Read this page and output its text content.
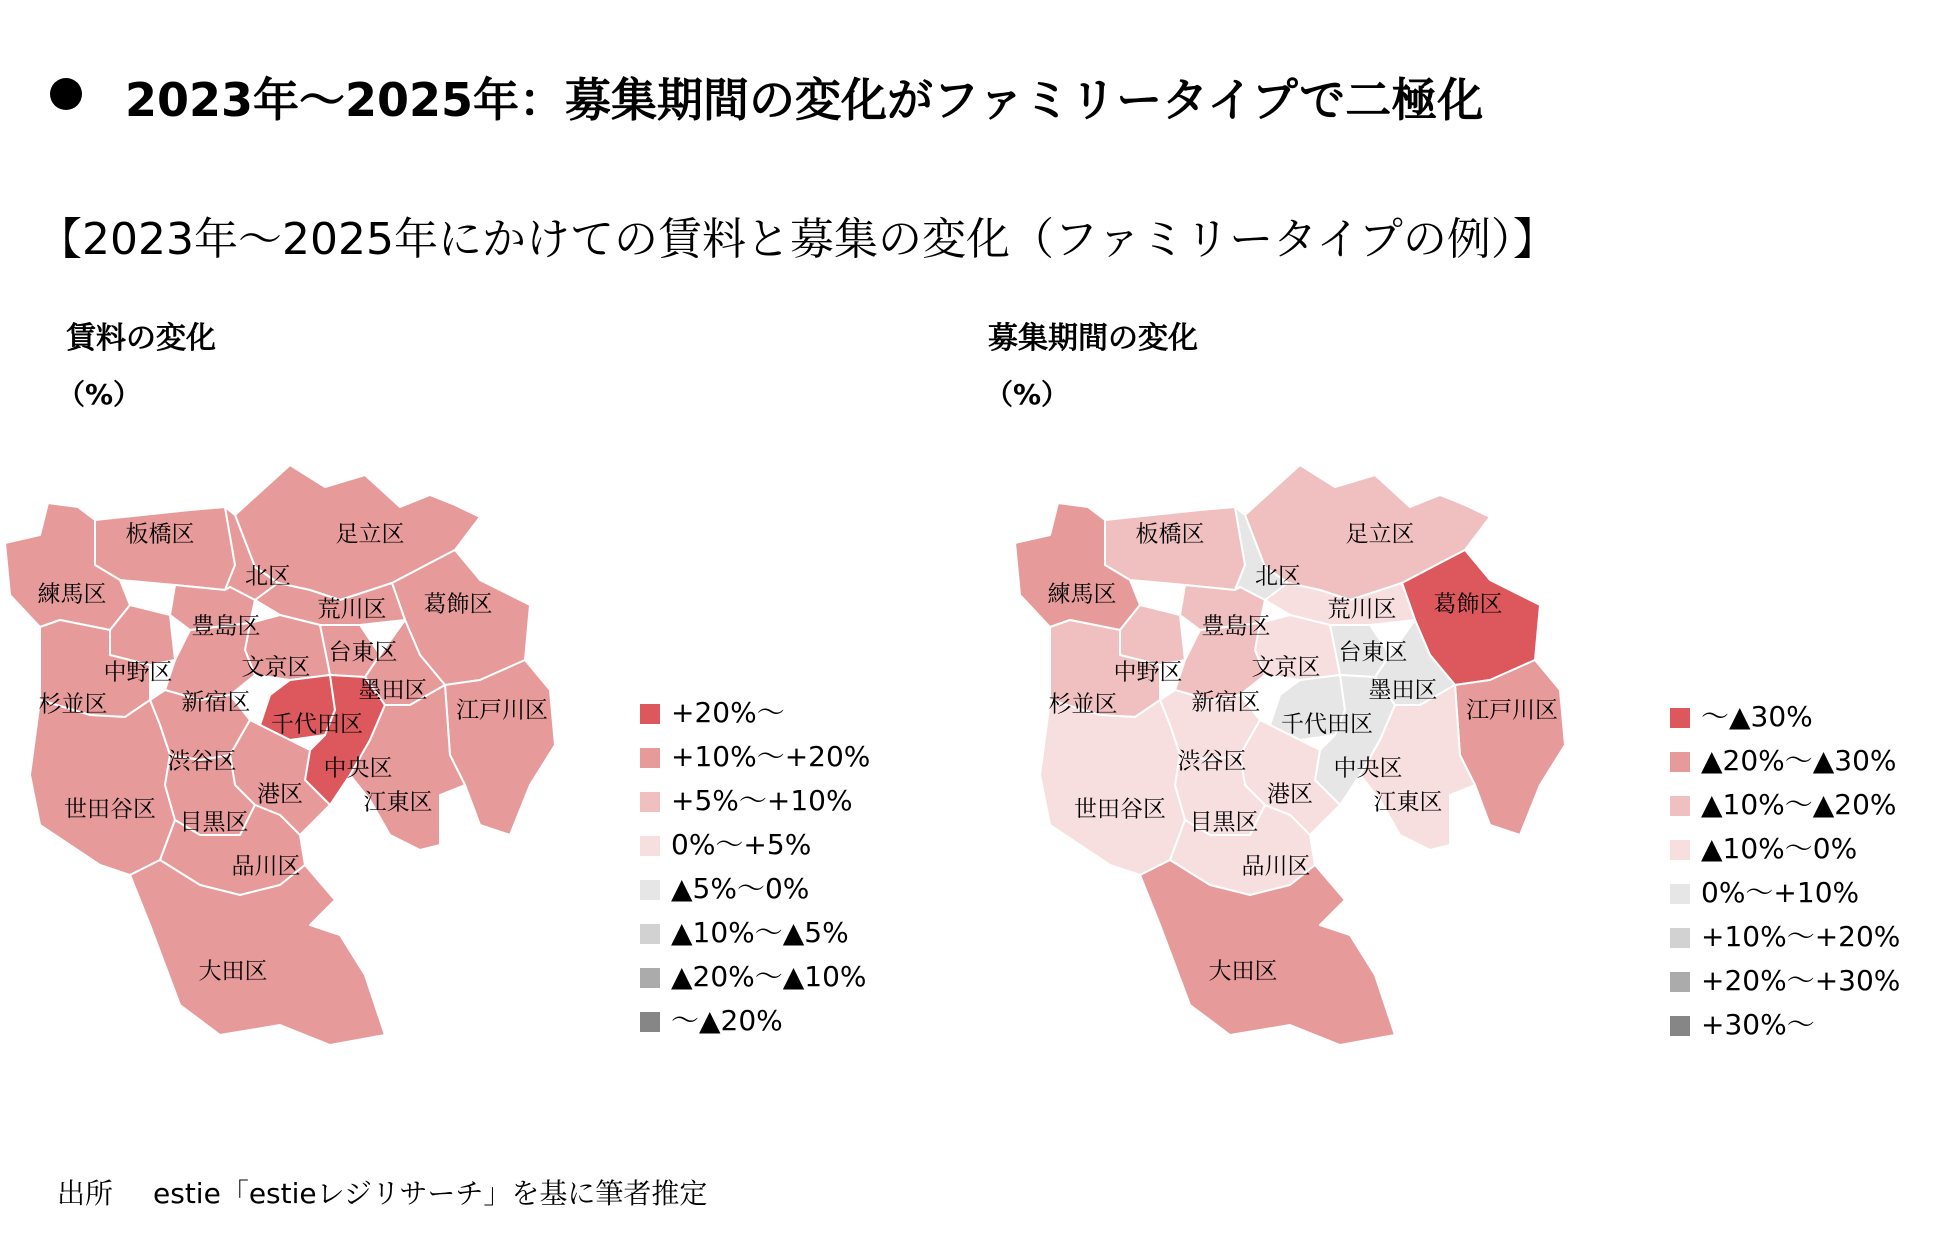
2023年～2025年：募集期間の変化がファミリータイプで二極化
【2023年～2025年にかけての賃料と募集の変化（ファミリータイプの例）】
賃料の変化
（%）
板橋区	足立区
練馬区
北区
葛飾区
豊島区
荒川区
台東区
中野区	文京区
杉並区	新宿区	墨田区
江戸川区
千代田区
渋谷区	中央区
港区
世田谷区	江東区
目黒区
品川区
大田区
+20%～
+10%～+20%
+5%～+10%
0%～+5%
▲5%～0%
▲10%～▲5%
▲20%～▲10%
～▲20%
募集期間の変化
（%）
板橋区	足立区
練馬区
北区
葛飾区
豊島区
荒川区
台東区
中野区	文京区
杉並区	新宿区	墨田区
江戸川区
千代田区
渋谷区	中央区
港区
世田谷区	江東区
目黒区
品川区
大田区
～▲30%
▲20%～▲30%
▲10%～▲20%
▲10%～0%
0%～+10%
+10%～+20%
+20%～+30%
+30%～
出所 estie「estieレジリサーチ」を基に筆者推定
